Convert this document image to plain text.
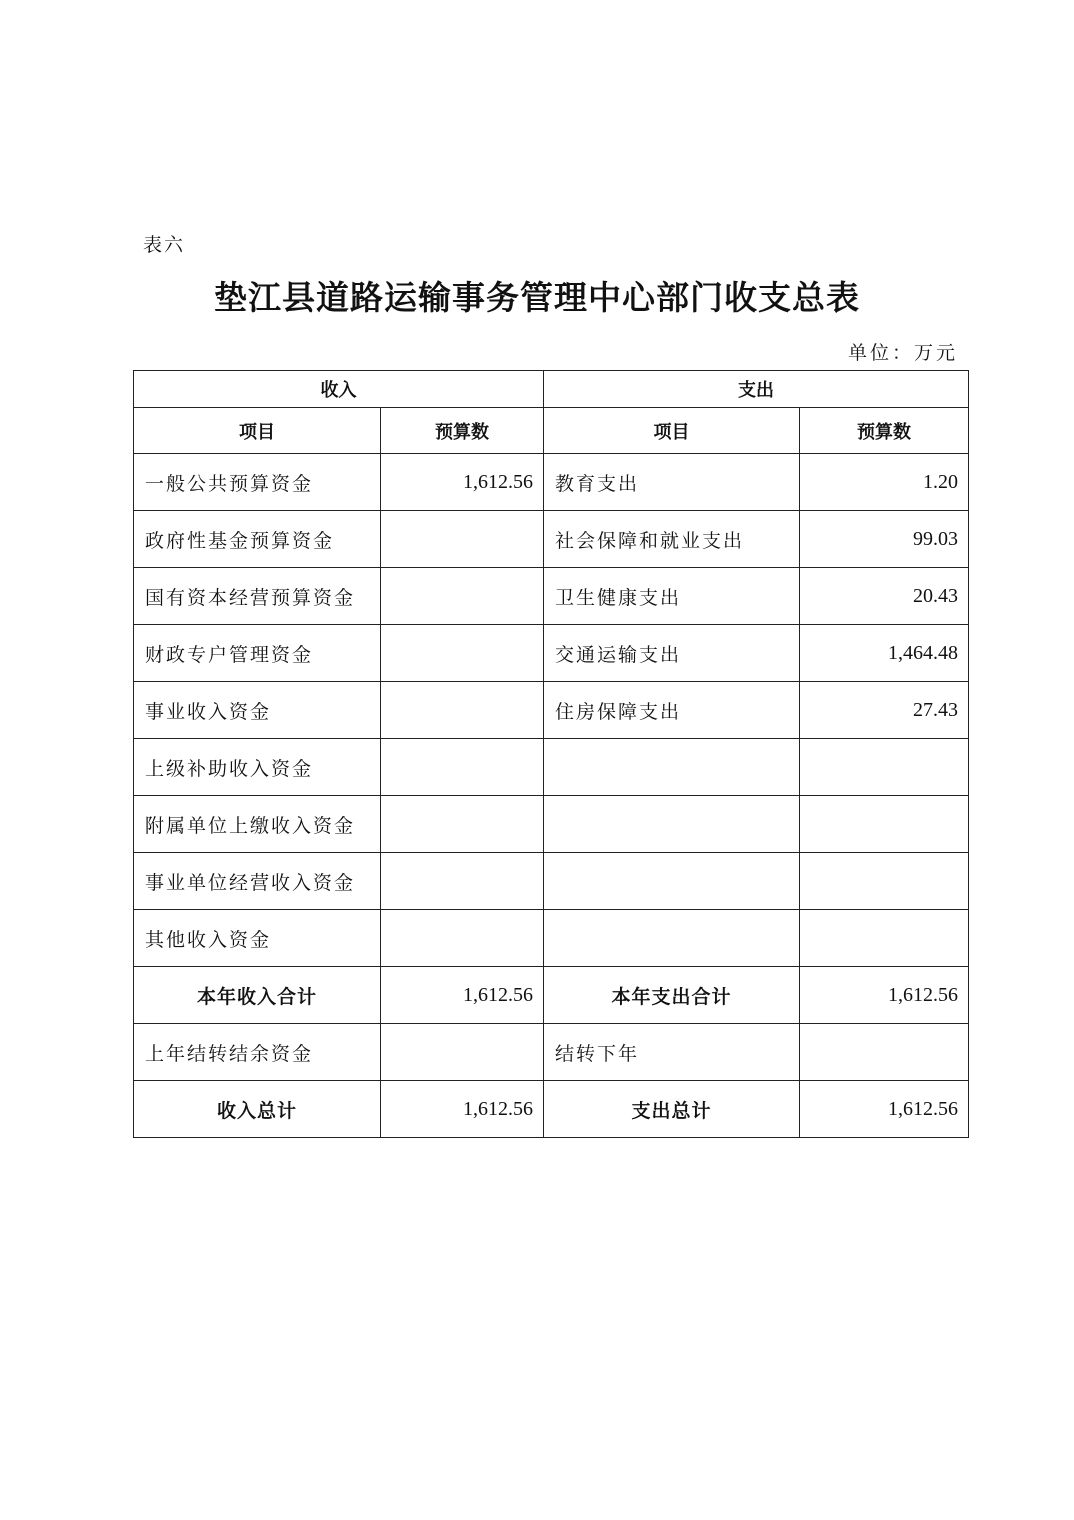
表六
垫江县道路运输事务管理中心部门收支总表
单位：万元
收入		支出	
项目	预算数	项目	预算数
一般公共预算资金	1,612.56	教育支出	1.20
政府性基金预算资金		社会保障和就业支出	99.03
国有资本经营预算资金		卫生健康支出	20.43
财政专户管理资金		交通运输支出	1,464.48
事业收入资金		住房保障支出	27.43
上级补助收入资金			
附属单位上缴收入资金			
事业单位经营收入资金			
其他收入资金			
本年收入合计	1,612.56	本年支出合计	1,612.56
上年结转结余资金		结转下年	
收入总计	1,612.56	支出总计	1,612.56
